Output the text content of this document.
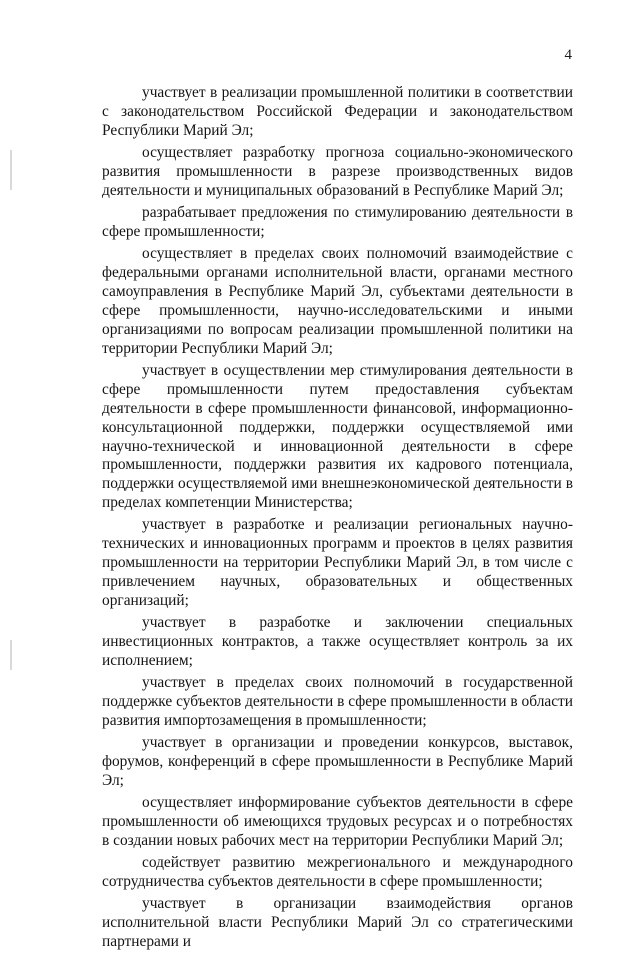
4

участвует в реализации промышленной политики в соответствии с законодательством Российской Федерации и законодательством Республики Марий Эл;

осуществляет разработку прогноза социально-экономического развития промышленности в разрезе производственных видов деятельности и муниципальных образований в Республике Марий Эл;

разрабатывает предложения по стимулированию деятельности в сфере промышленности;

осуществляет в пределах своих полномочий взаимодействие с федеральными органами исполнительной власти, органами местного самоуправления в Республике Марий Эл, субъектами деятельности в сфере промышленности, научно-исследовательскими и иными организациями по вопросам реализации промышленной политики на территории Республики Марий Эл;

участвует в осуществлении мер стимулирования деятельности в сфере промышленности путем предоставления субъектам деятельности в сфере промышленности финансовой, информационно-консультационной поддержки, поддержки осуществляемой ими научно-технической и инновационной деятельности в сфере промышленности, поддержки развития их кадрового потенциала, поддержки осуществляемой ими внешнеэкономической деятельности в пределах компетенции Министерства;

участвует в разработке и реализации региональных научно-технических и инновационных программ и проектов в целях развития промышленности на территории Республики Марий Эл, в том числе с привлечением научных, образовательных и общественных организаций;

участвует в разработке и заключении специальных инвестиционных контрактов, а также осуществляет контроль за их исполнением;

участвует в пределах своих полномочий в государственной поддержке субъектов деятельности в сфере промышленности в области развития импортозамещения в промышленности;

участвует в организации и проведении конкурсов, выставок, форумов, конференций в сфере промышленности в Республике Марий Эл;

осуществляет информирование субъектов деятельности в сфере промышленности об имеющихся трудовых ресурсах и о потребностях в создании новых рабочих мест на территории Республики Марий Эл;

содействует развитию межрегионального и международного сотрудничества субъектов деятельности в сфере промышленности;

участвует в организации взаимодействия органов исполнительной власти Республики Марий Эл со стратегическими партнерами и
